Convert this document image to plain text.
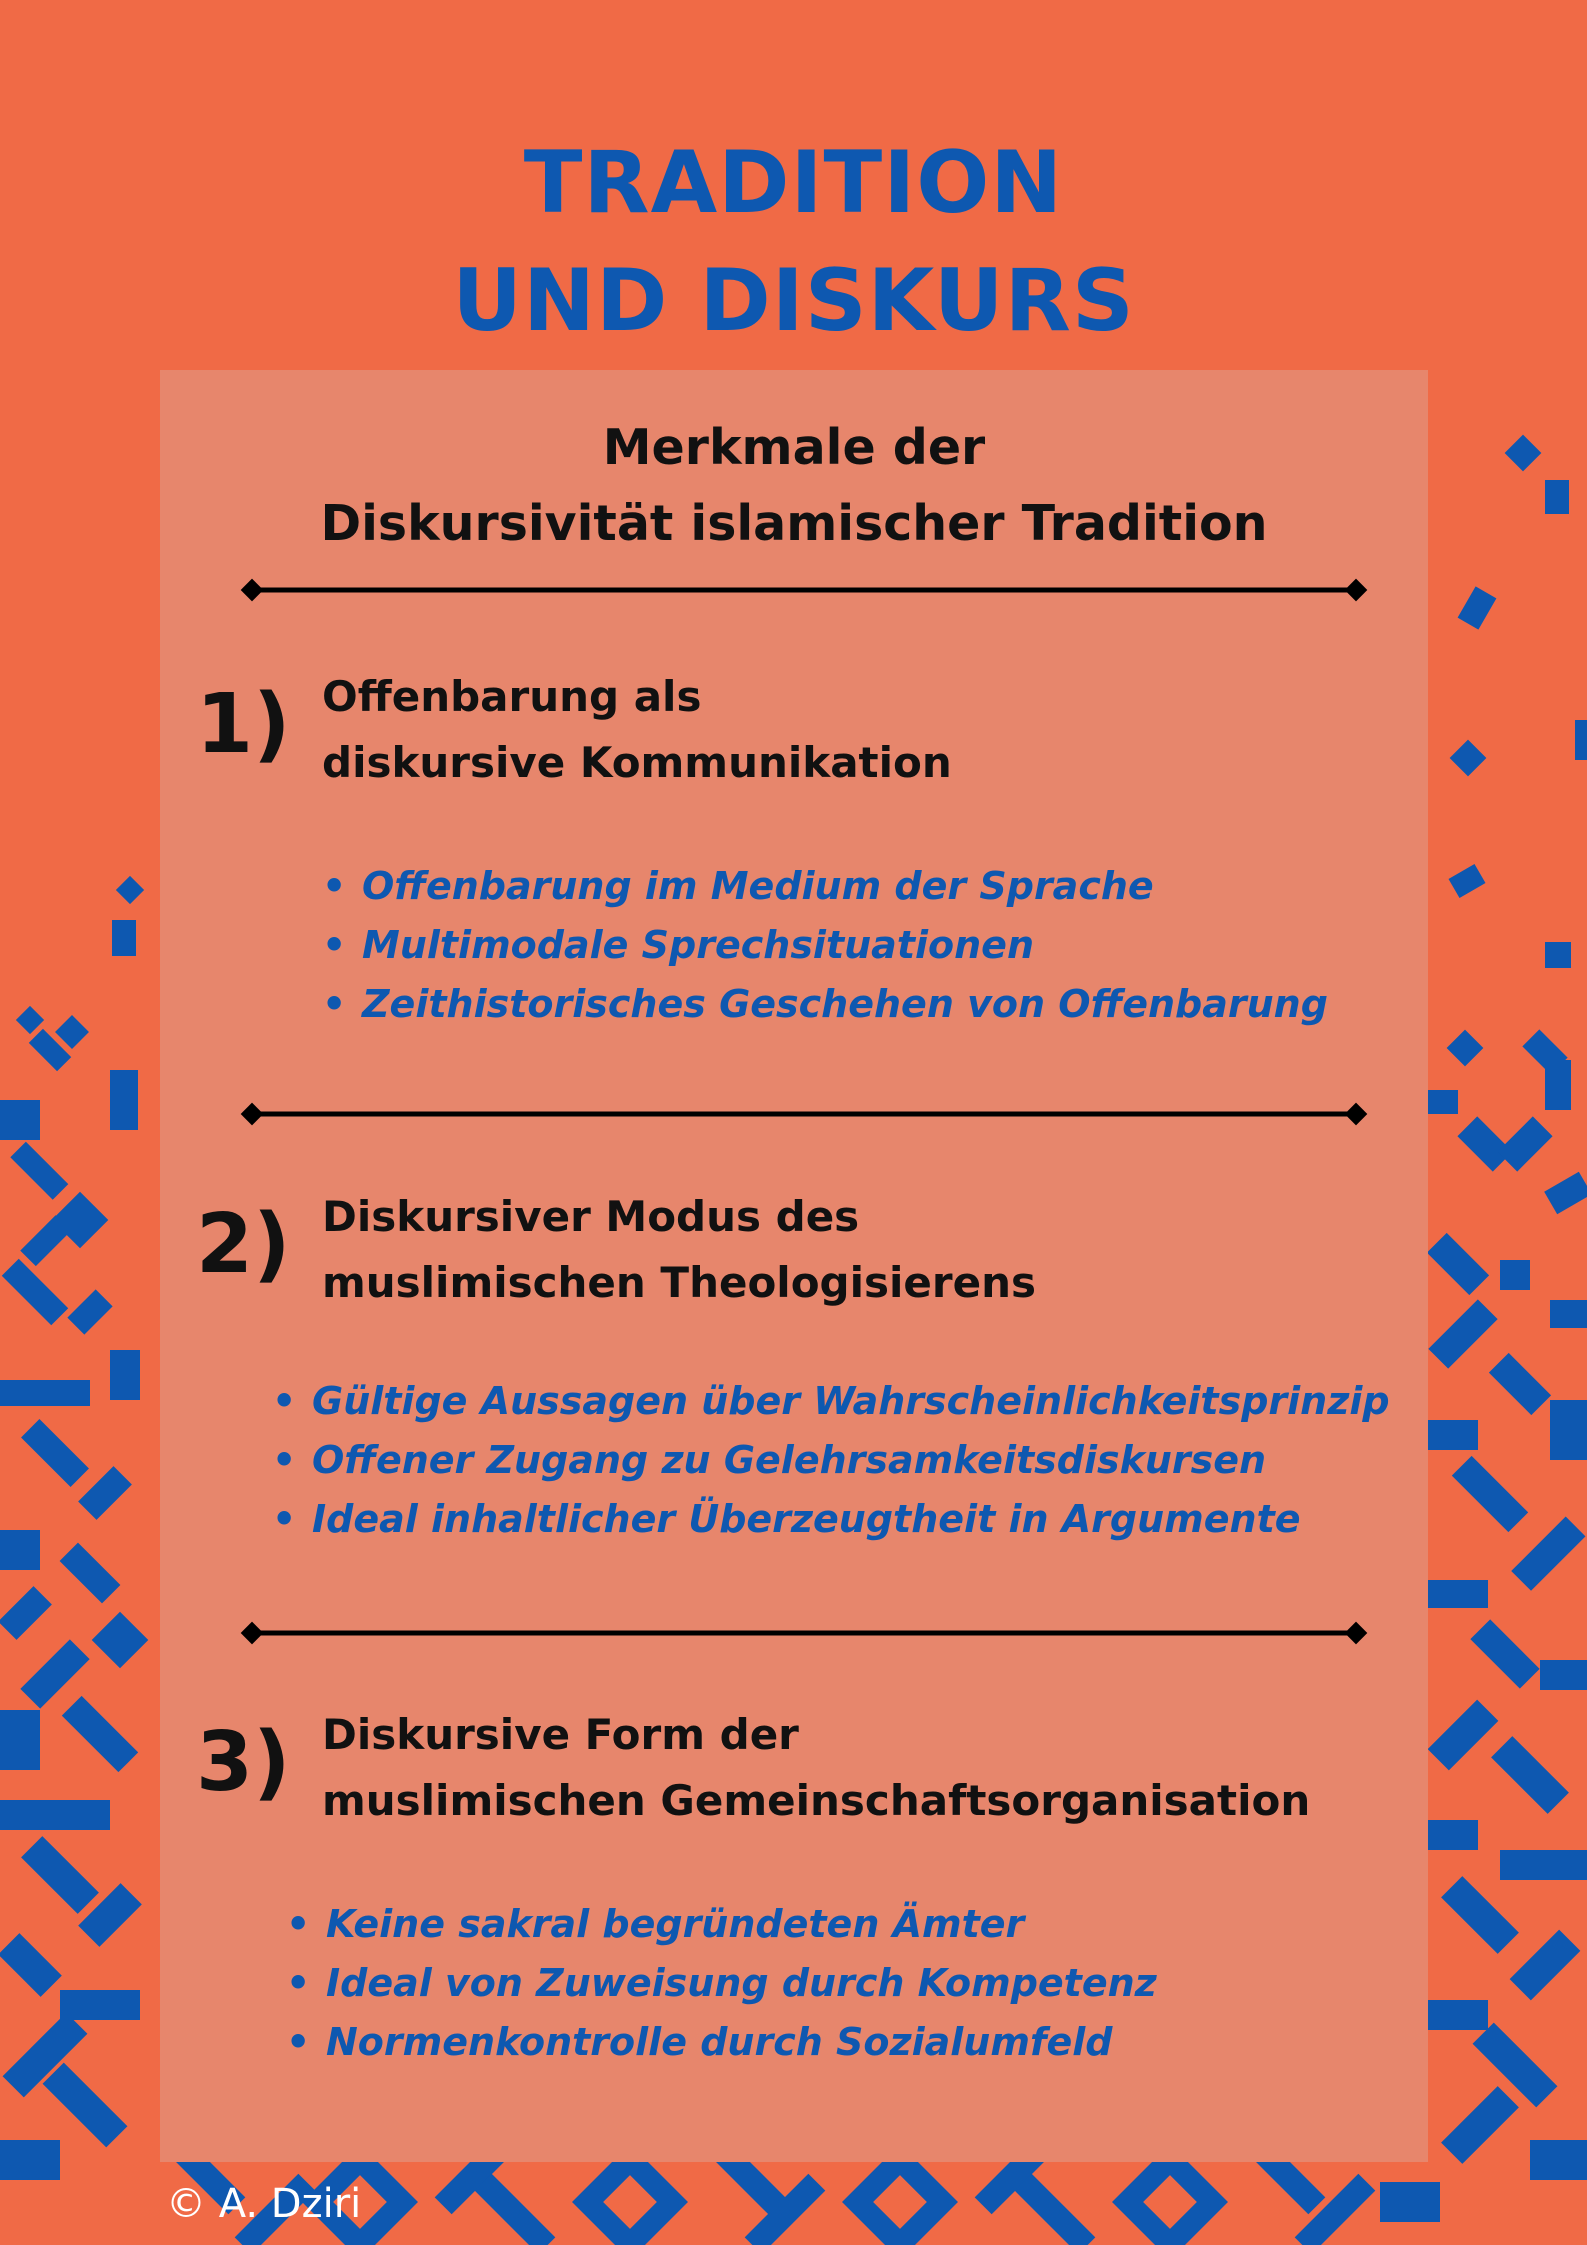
TRADITION
UND DISKURS
Merkmale der
Diskursivität islamischer Tradition
1) Offenbarung als
diskursive Kommunikation
• Offenbarung im Medium der Sprache
• Multimodale Sprechsituationen
• Zeithistorisches Geschehen von Offenbarung
2) Diskursiver Modus des
muslimischen Theologisierens
• Gültige Aussagen über Wahrscheinlichkeitsprinzip
• Offener Zugang zu Gelehrsamkeitsdiskursen
• Ideal inhaltlicher Überzeugtheit in Argumente
3) Diskursive Form der
muslimischen Gemeinschaftsorganisation
• Keine sakral begründeten Ämter
• Ideal von Zuweisung durch Kompetenz
• Normenkontrolle durch Sozialumfeld
© A. Dziri
